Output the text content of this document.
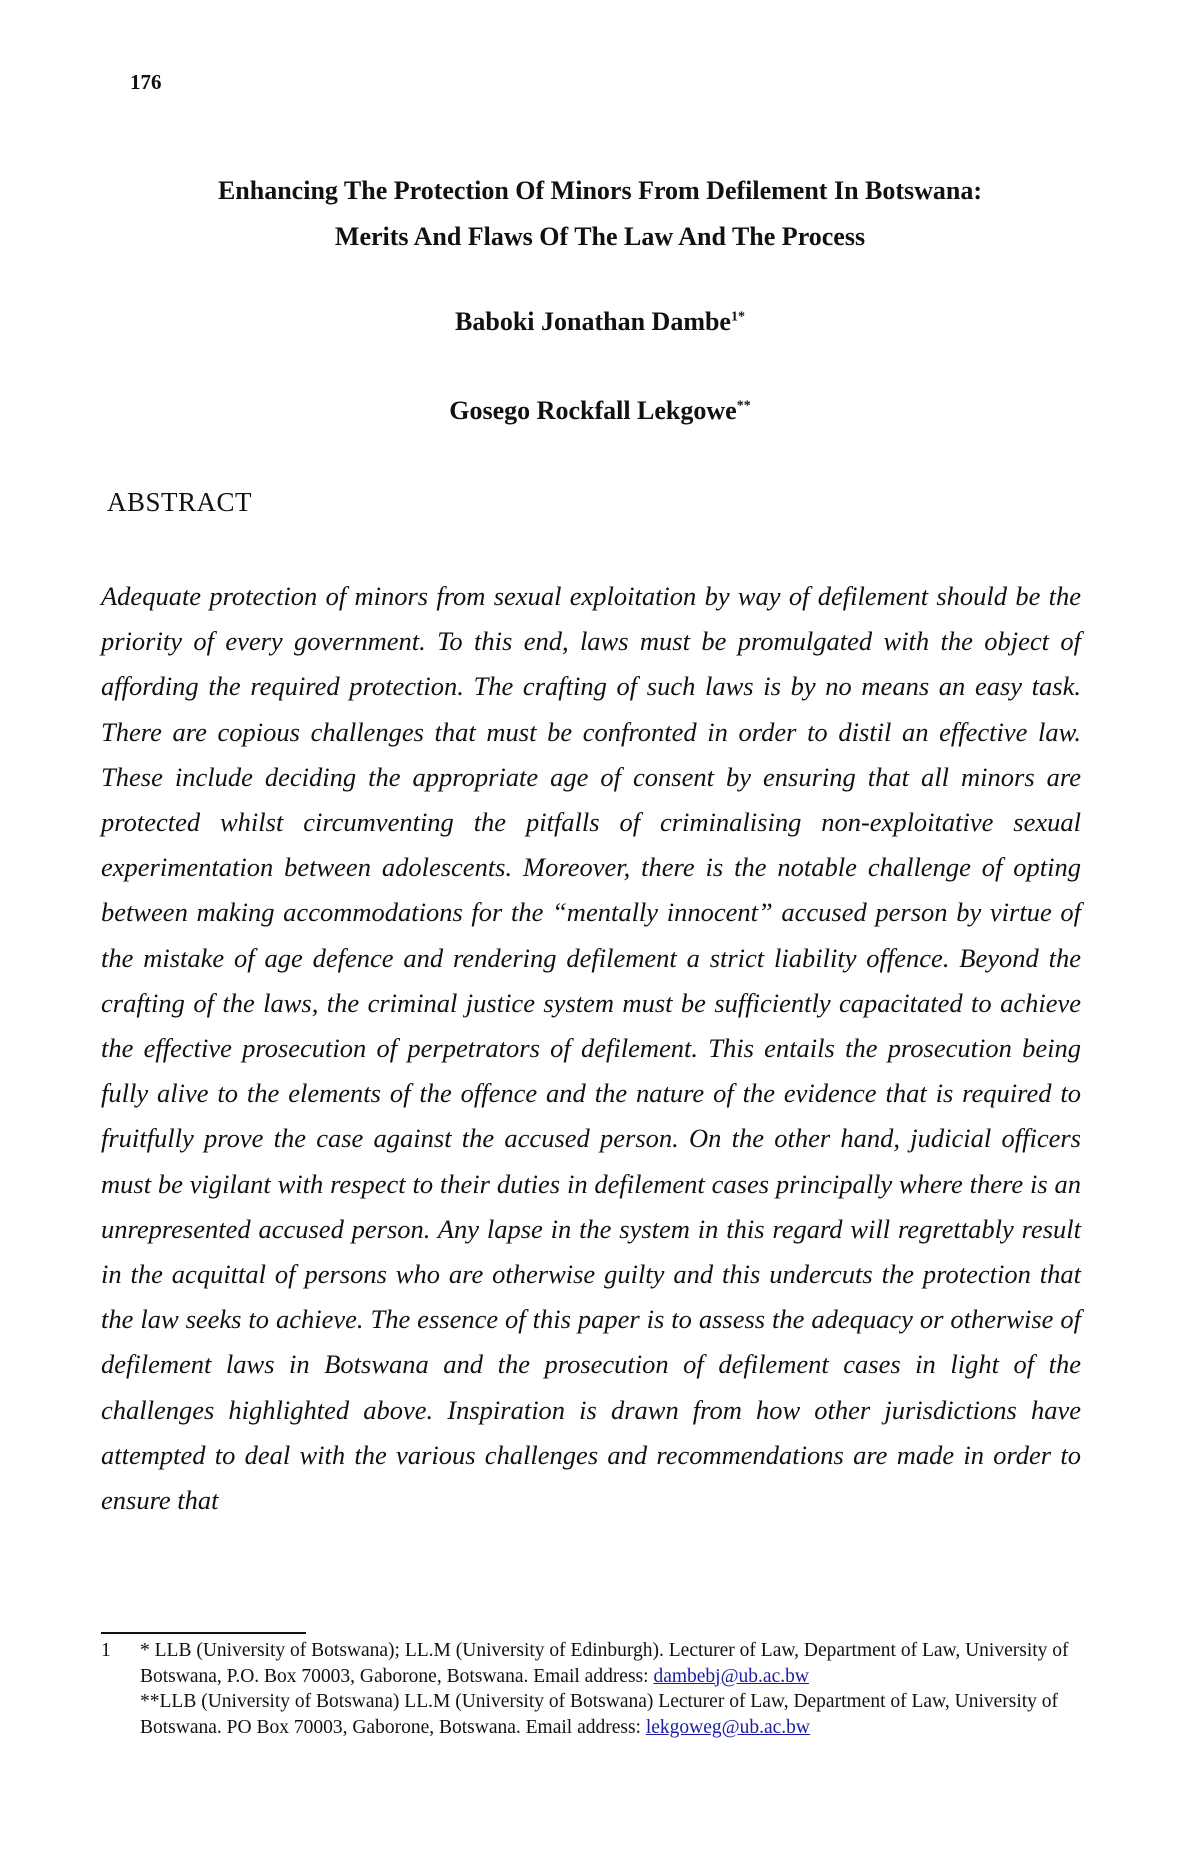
176
Enhancing The Protection Of Minors From Defilement In Botswana:
Merits And Flaws Of The Law And The Process
Baboki Jonathan Dambe$^{1*}$
Gosego Rockfall Lekgowe**
ABSTRACT

Adequate protection of minors from sexual exploitation by way of defilement should be the priority of every government. To this end, laws must be promulgated with the object of affording the required protection. The crafting of such laws is by no means an easy task. There are copious challenges that must be confronted in order to distil an effective law. These include deciding the appropriate age of consent by ensuring that all minors are protected whilst circumventing the pitfalls of criminalising non-exploitative sexual experimentation between adolescents. Moreover, there is the notable challenge of opting between making accommodations for the “mentally innocent” accused person by virtue of the mistake of age defence and rendering defilement a strict liability offence. Beyond the crafting of the laws, the criminal justice system must be sufficiently capacitated to achieve the effective prosecution of perpetrators of defilement. This entails the prosecution being fully alive to the elements of the offence and the nature of the evidence that is required to fruitfully prove the case against the accused person. On the other hand, judicial officers must be vigilant with respect to their duties in defilement cases principally where there is an unrepresented accused person. Any lapse in the system in this regard will regrettably result in the acquittal of persons who are otherwise guilty and this undercuts the protection that the law seeks to achieve. The essence of this paper is to assess the adequacy or otherwise of defilement laws in Botswana and the prosecution of defilement cases in light of the challenges highlighted above. Inspiration is drawn from how other jurisdictions have attempted to deal with the various challenges and recommendations are made in order to ensure that

1 * LLB (University of Botswana); LL.M (University of Edinburgh). Lecturer of Law, Department of Law, University of Botswana, P.O. Box 70003, Gaborone, Botswana. Email address: dambebj@ub.ac.bw
**LLB (University of Botswana) LL.M (University of Botswana) Lecturer of Law, Department of Law, University of Botswana. PO Box 70003, Gaborone, Botswana. Email address: lekgoweg@ub.ac.bw
